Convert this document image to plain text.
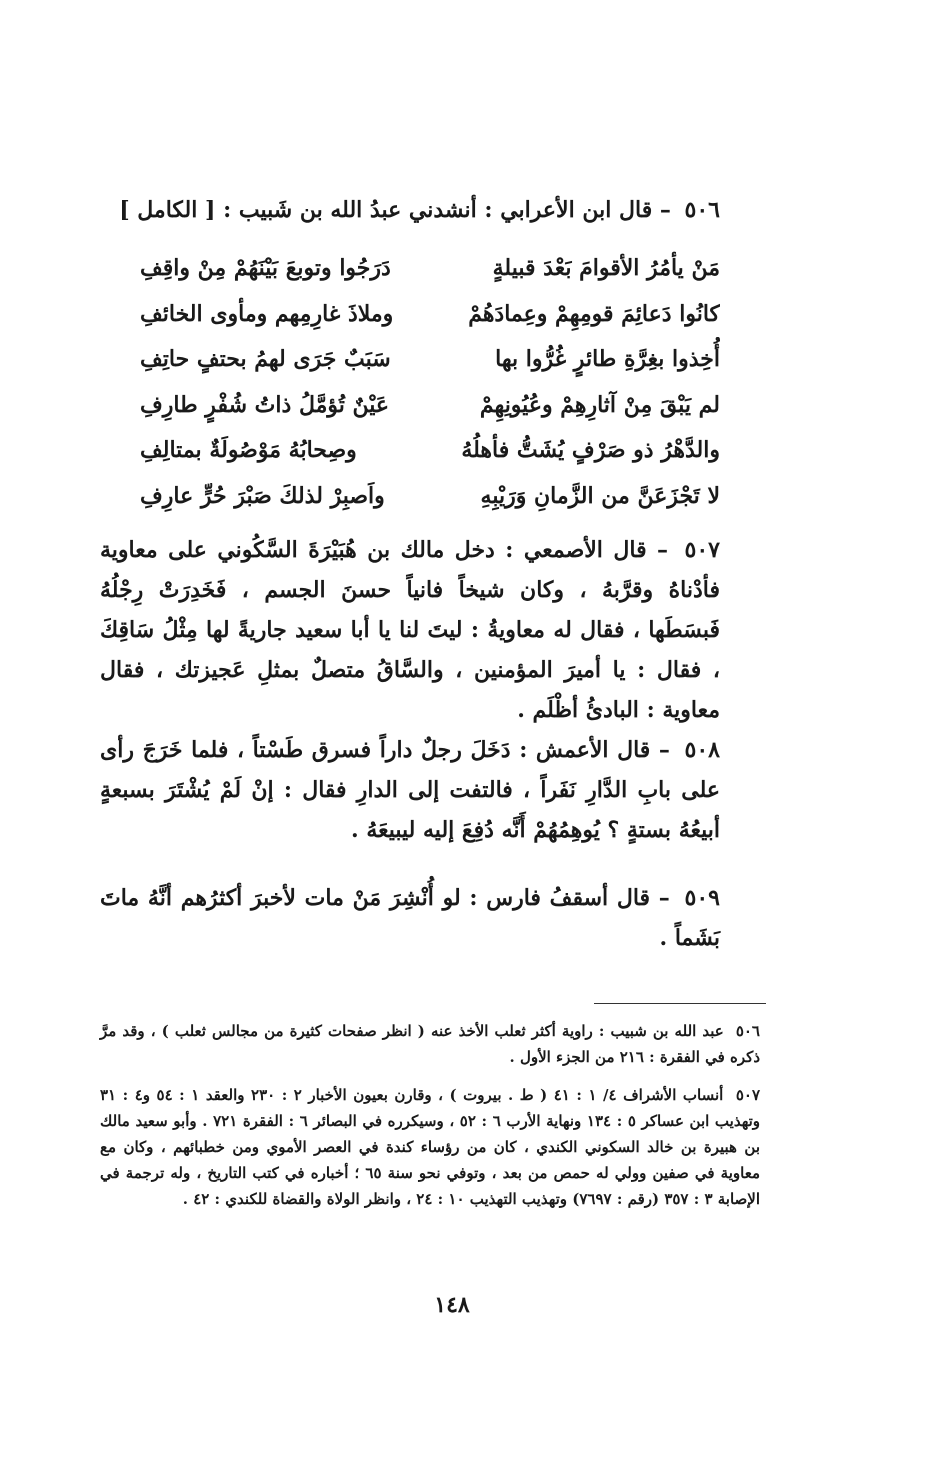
٥٠٦ – قال ابن الأعرابي : أنشدني عبدُ الله بن شَبيب : [ الكامل ]
مَنْ يأمُرُ الأقوامَ بَعْدَ قبيلةٍ
دَرَجُوا وتوبعَ بَيْنَهُمْ مِنْ واقِفِ
كانُوا دَعائِمَ قومِهِمْ وعِمادَهُمْ
وملاذَ غارِمِهم ومأوى الخائفِ
أُخِذوا بغِرَّةِ طائرٍ غُرُّوا بها
سَبَبٌ جَرَى لهمُ بحتفٍ حاتِفِ
لم يَبْقَ مِنْ آثارِهِمْ وعُيُونِهِمْ
عَيْنٌ تُؤمَّلُ ذاتُ شُفْرٍ طارِفِ
والدَّهْرُ ذو صَرْفٍ يُشَتُّ فأهلُهُ
وصِحابُهُ مَوْصُولَةٌ بمتالِفِ
لا تَجْزَعَنَّ من الزَّمانِ وَرَيْبِهِ
واَصبِرْ لذلكَ صَبْرَ حُرٍّ عارِفِ
٥٠٧ – قال الأصمعي : دخل مالك بن هُبَيْرَةَ السَّكُوني على معاوية فأدْناهُ وقرَّبهُ ، وكان شيخاً فانياً حسنَ الجسم ، فَخَدِرَتْ رِجْلُهُ فَبسَطَها ، فقال له معاويةُ : ليتَ لنا يا أبا سعيد جاريةً لها مِثْلُ سَاقِكَ ، فقال : يا أميرَ المؤمنين ، والسَّاقُ متصلٌ بمثلِ عَجيزتك ، فقال معاوية : البادئُ أظْلَم .
٥٠٨ – قال الأعمش : دَخَلَ رجلٌ داراً فسرق طَسْتاً ، فلما خَرَجَ رأى على بابِ الدَّارِ نَفَراً ، فالتفت إلى الدارِ فقال : إنْ لَمْ يُشْتَرَ بسبعةٍ أبيعُهُ بستةٍ ؟ يُوهِمُهُمْ أَنَّه دُفِعَ إليه ليبيعَهُ .
٥٠٩ – قال أسقفُ فارس : لو أُنْشِرَ مَنْ مات لأخبرَ أكثرُهم أنَّهُ ماتَ بَشَماً .
٥٠٦ عبد الله بن شبيب : راوية أكثر ثعلب الأخذ عنه ( انظر صفحات كثيرة من مجالس ثعلب ) ، وقد مرَّ ذكره في الفقرة : ٢١٦ من الجزء الأول .
٥٠٧ أنساب الأشراف ٤/ ١ : ٤١ ( ط . بيروت ) ، وقارن بعيون الأخبار ٢ : ٢٣٠ والعقد ١ : ٥٤ و٤ : ٣١ وتهذيب ابن عساكر ٥ : ١٣٤ ونهاية الأرب ٦ : ٥٢ ، وسيكرره في البصائر ٦ : الفقرة ٧٢١ . وأبو سعيد مالك بن هبيرة بن خالد السكوني الكندي ، كان من رؤساء كندة في العصر الأموي ومن خطبائهم ، وكان مع معاوية في صفين وولي له حمص من بعد ، وتوفي نحو سنة ٦٥ ؛ أخباره في كتب التاريخ ، وله ترجمة في الإصابة ٣ : ٣٥٧ (رقم : ٧٦٩٧) وتهذيب التهذيب ١٠ : ٢٤ ، وانظر الولاة والقضاة للكندي : ٤٢ .
١٤٨
